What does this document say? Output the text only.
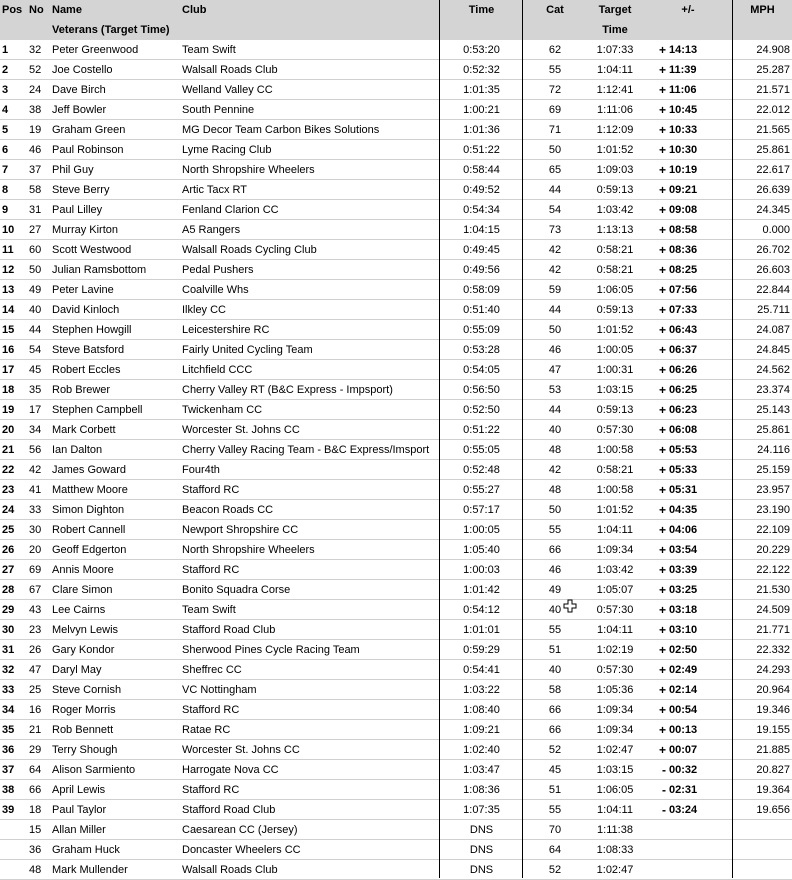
Pos No Name	Club	Time	Cat	Target	+/-	MPH
Veterans (Target Time)	Time
1	32 Peter Greenwood	Team Swift	0:53:20	62	1:07:33	+ 14:13	24.908
2	52 Joe Costello	Walsall Roads Club	0:52:32	55	1:04:11	+ 11:39	25.287
3	24 Dave Birch	Welland Valley CC	1:01:35	72	1:12:41	+ 11:06	21.571
4	38 Jeff Bowler	South Pennine	1:00:21	69	1:11:06	+ 10:45	22.012
5	19 Graham Green	MG Decor Team Carbon Bikes Solutions	1:01:36	71	1:12:09	+ 10:33	21.565
6	46 Paul Robinson	Lyme Racing Club	0:51:22	50	1:01:52	+ 10:30	25.861
7	37 Phil Guy	North Shropshire Wheelers	0:58:44	65	1:09:03	+ 10:19	22.617
8	58 Steve Berry	Artic Tacx RT	0:49:52	44	0:59:13	+ 09:21	26.639
9	31 Paul Lilley	Fenland Clarion CC	0:54:34	54	1:03:42	+ 09:08	24.345
10	27 Murray Kirton	A5 Rangers	1:04:15	73	1:13:13	+ 08:58	0.000
11	60 Scott Westwood	Walsall Roads Cycling Club	0:49:45	42	0:58:21	+ 08:36	26.702
12	50 Julian Ramsbottom	Pedal Pushers	0:49:56	42	0:58:21	+ 08:25	26.603
13	49 Peter Lavine	Coalville Whs	0:58:09	59	1:06:05	+ 07:56	22.844
14	40 David Kinloch	Ilkley CC	0:51:40	44	0:59:13	+ 07:33	25.711
15	44 Stephen Howgill	Leicestershire RC	0:55:09	50	1:01:52	+ 06:43	24.087
16	54 Steve Batsford	Fairly United Cycling Team	0:53:28	46	1:00:05	+ 06:37	24.845
17	45 Robert Eccles	Litchfield CCC	0:54:05	47	1:00:31	+ 06:26	24.562
18	35 Rob Brewer	Cherry Valley RT (B&C Express - Impsport)	0:56:50	53	1:03:15	+ 06:25	23.374
19	17 Stephen Campbell	Twickenham CC	0:52:50	44	0:59:13	+ 06:23	25.143
20	34 Mark Corbett	Worcester St. Johns CC	0:51:22	40	0:57:30	+ 06:08	25.861
21	56 Ian Dalton	Cherry Valley Racing Team - B&C Express/Imsport	0:55:05	48	1:00:58	+ 05:53	24.116
22	42 James Goward	Four4th	0:52:48	42	0:58:21	+ 05:33	25.159
23	41 Matthew Moore	Stafford RC	0:55:27	48	1:00:58	+ 05:31	23.957
24	33 Simon Dighton	Beacon Roads CC	0:57:17	50	1:01:52	+ 04:35	23.190
25	30 Robert Cannell	Newport Shropshire CC	1:00:05	55	1:04:11	+ 04:06	22.109
26	20 Geoff Edgerton	North Shropshire Wheelers	1:05:40	66	1:09:34	+ 03:54	20.229
27	69 Annis Moore	Stafford RC	1:00:03	46	1:03:42	+ 03:39	22.122
28	67 Clare Simon	Bonito Squadra Corse	1:01:42	49	1:05:07	+ 03:25	21.530
29	43 Lee Cairns	Team Swift	0:54:12	40	0:57:30	+ 03:18	24.509
30	23 Melvyn Lewis	Stafford Road Club	1:01:01	55	1:04:11	+ 03:10	21.771
31	26 Gary Kondor	Sherwood Pines Cycle Racing Team	0:59:29	51	1:02:19	+ 02:50	22.332
32	47 Daryl May	Sheffrec CC	0:54:41	40	0:57:30	+ 02:49	24.293
33	25 Steve Cornish	VC Nottingham	1:03:22	58	1:05:36	+ 02:14	20.964
34	16 Roger Morris	Stafford RC	1:08:40	66	1:09:34	+ 00:54	19.346
35	21 Rob Bennett	Ratae RC	1:09:21	66	1:09:34	+ 00:13	19.155
36	29 Terry Shough	Worcester St. Johns CC	1:02:40	52	1:02:47	+ 00:07	21.885
37	64 Alison Sarmiento	Harrogate Nova CC	1:03:47	45	1:03:15	- 00:32	20.827
38	66 April Lewis	Stafford RC	1:08:36	51	1:06:05	- 02:31	19.364
39	18 Paul Taylor	Stafford Road Club	1:07:35	55	1:04:11	- 03:24	19.656
15 Allan Miller	Caesarean CC (Jersey)	DNS	70	1:11:38
36 Graham Huck	Doncaster Wheelers CC	DNS	64	1:08:33
48 Mark Mullender	Walsall Roads Club	DNS	52	1:02:47
